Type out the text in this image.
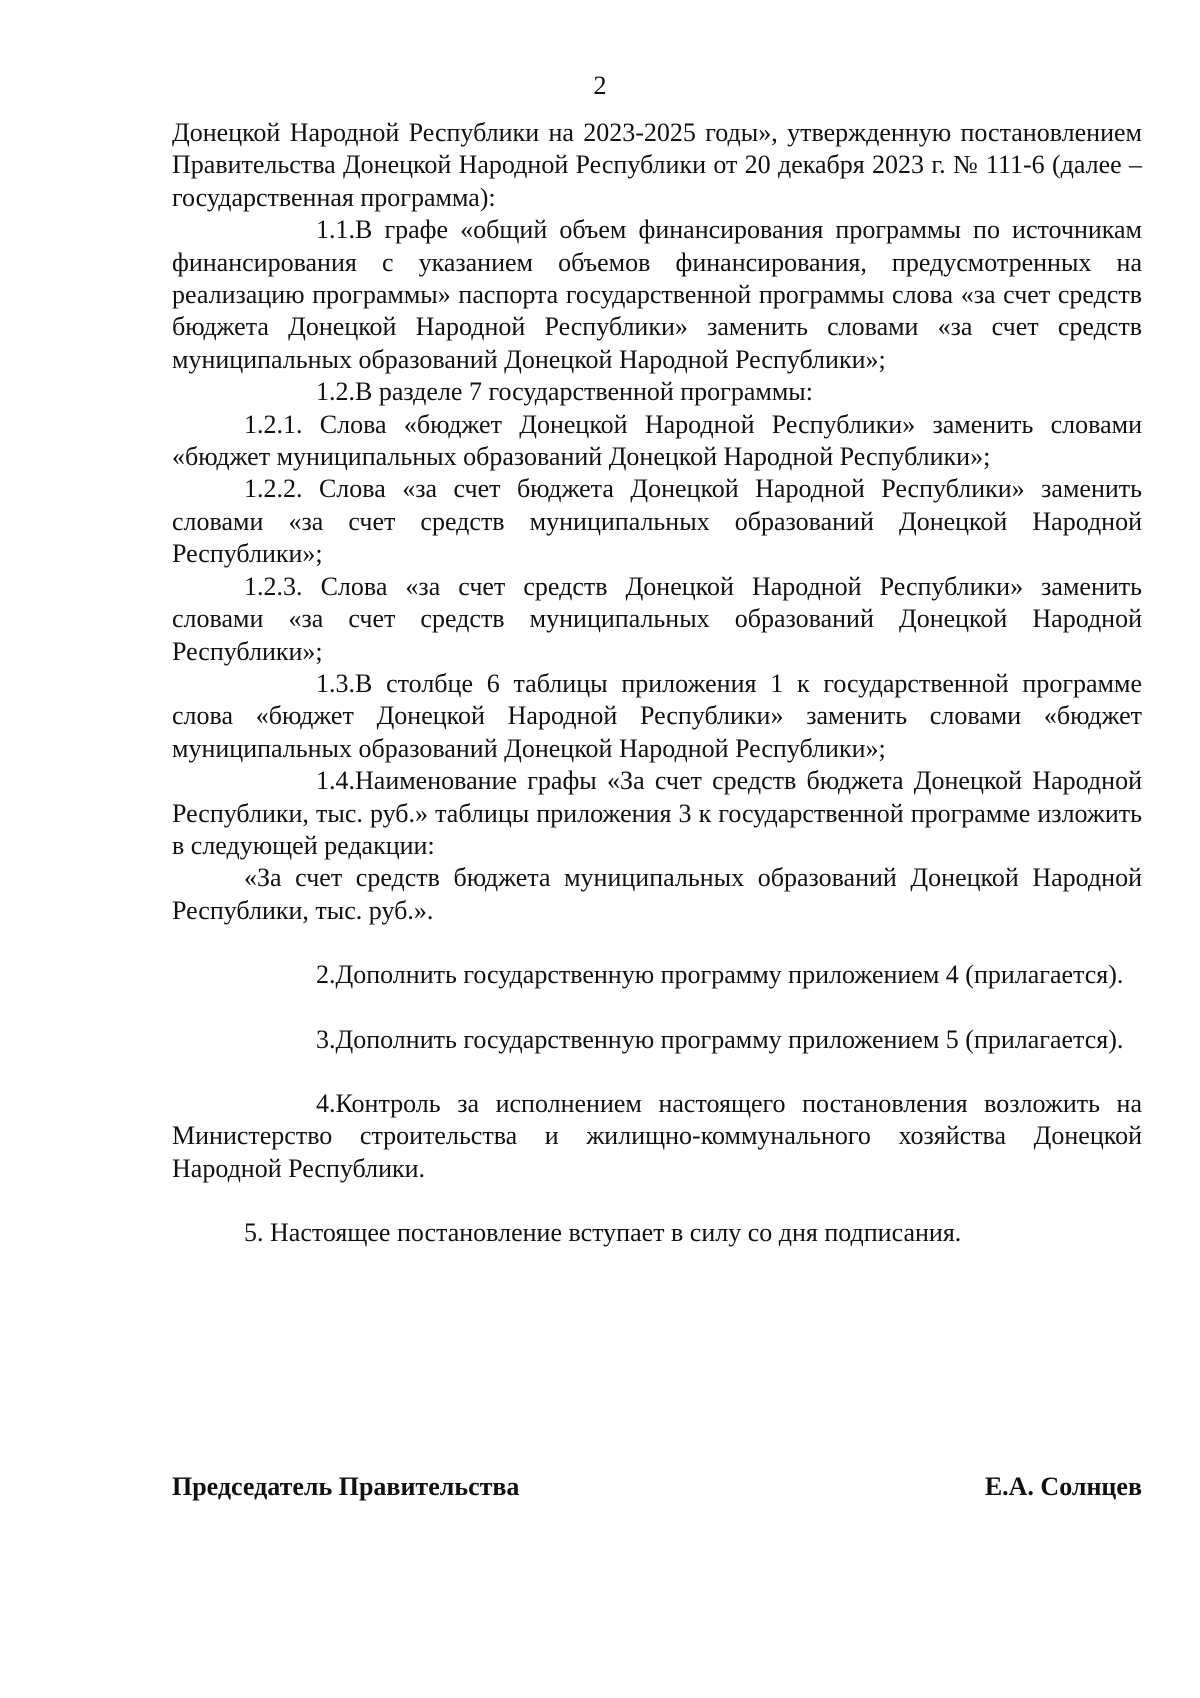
2

Донецкой Народной Республики на 2023-2025 годы», утвержденную постановлением Правительства Донецкой Народной Республики от 20 декабря 2023 г. № 111-6 (далее – государственная программа):

1.1.В графе «общий объем финансирования программы по источникам финансирования с указанием объемов финансирования, предусмотренных на реализацию программы» паспорта государственной программы слова «за счет средств бюджета Донецкой Народной Республики» заменить словами «за счет средств муниципальных образований Донецкой Народной Республики»;

1.2.В разделе 7 государственной программы:

1.2.1. Слова «бюджет Донецкой Народной Республики» заменить словами «бюджет муниципальных образований Донецкой Народной Республики»;

1.2.2. Слова «за счет бюджета Донецкой Народной Республики» заменить словами «за счет средств муниципальных образований Донецкой Народной Республики»;

1.2.3. Слова «за счет средств Донецкой Народной Республики» заменить словами «за счет средств муниципальных образований Донецкой Народной Республики»;

1.3.В столбце 6 таблицы приложения 1 к государственной программе слова «бюджет Донецкой Народной Республики» заменить словами «бюджет муниципальных образований Донецкой Народной Республики»;

1.4.Наименование графы «За счет средств бюджета Донецкой Народной Республики, тыс. руб.» таблицы приложения 3 к государственной программе изложить в следующей редакции:

«За счет средств бюджета муниципальных образований Донецкой Народной Республики, тыс. руб.».

2.Дополнить государственную программу приложением 4 (прилагается).

3.Дополнить государственную программу приложением 5 (прилагается).

4.Контроль за исполнением настоящего постановления возложить на Министерство строительства и жилищно-коммунального хозяйства Донецкой Народной Республики.

5. Настоящее постановление вступает в силу со дня подписания.

Председатель Правительства	Е.А. Солнцев
